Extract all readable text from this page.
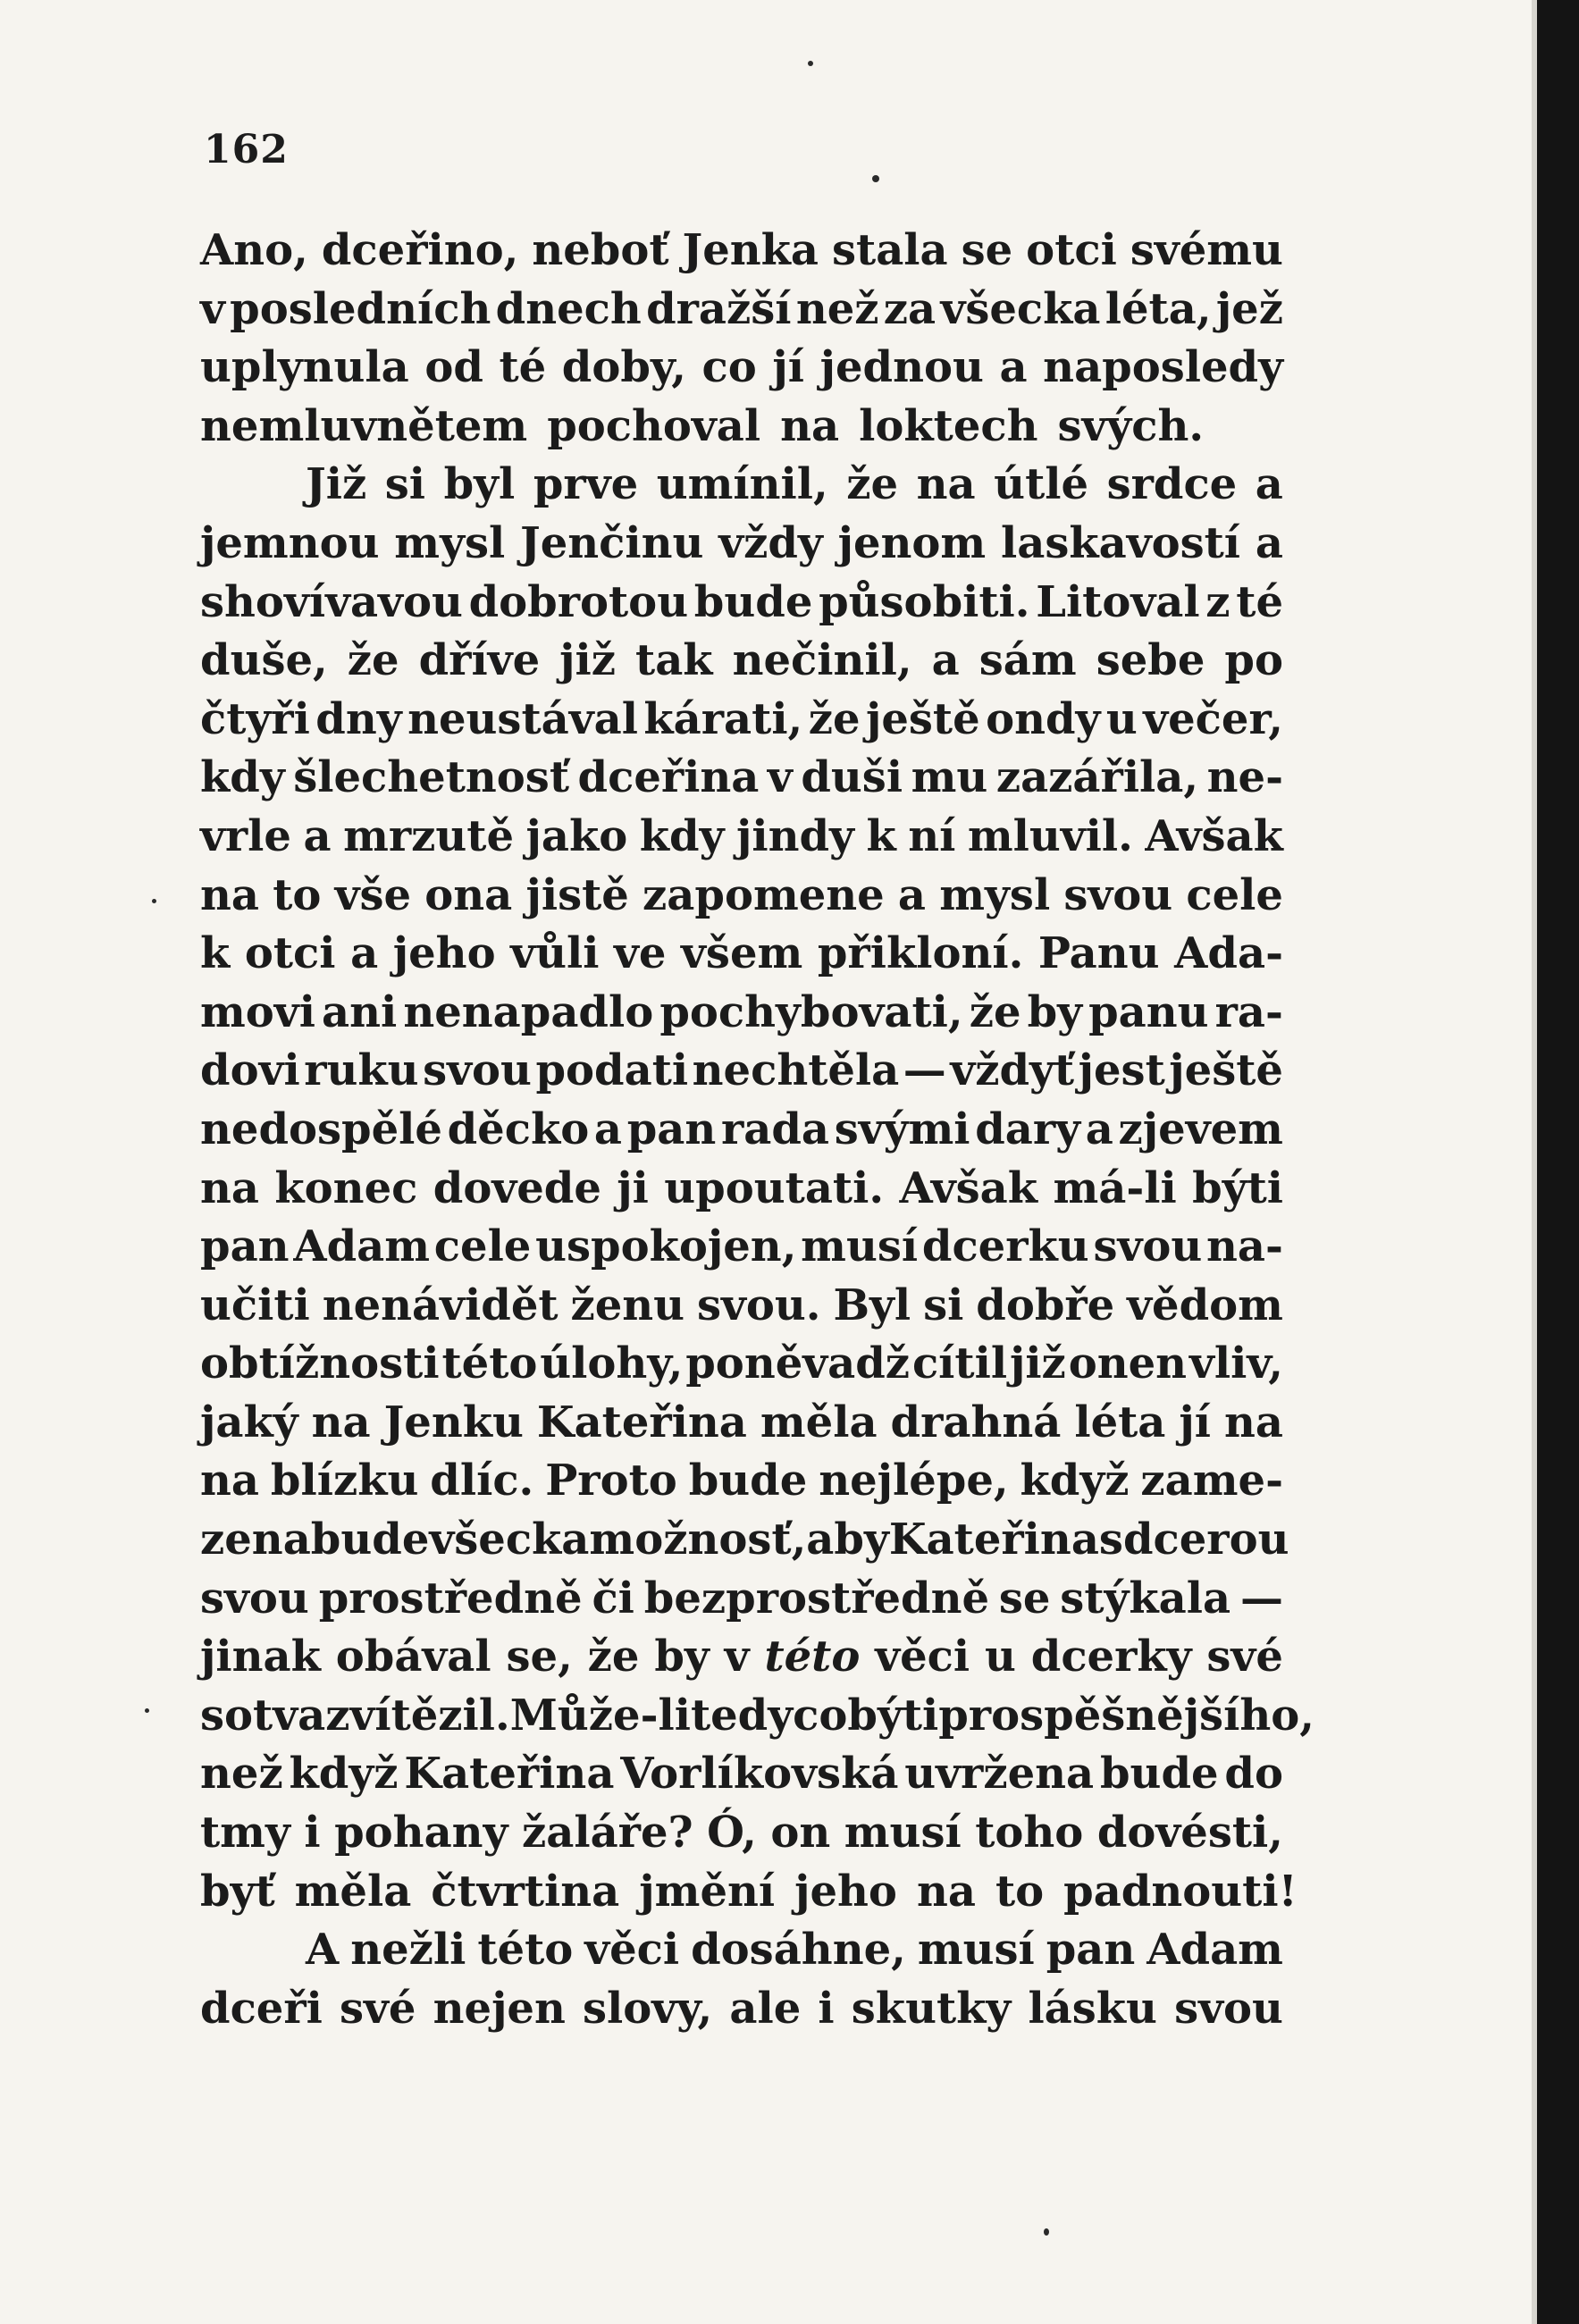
162
Ano, dceřino, neboť Jenka stala se otci svému
v posledních dnech dražší než za všecka léta, jež
uplynula od té doby, co jí jednou a naposledy
nemluvnětem pochoval na loktech svých.
Již si byl prve umínil, že na útlé srdce a
jemnou mysl Jenčinu vždy jenom laskavostí a
shovívavou dobrotou bude působiti. Litoval z té
duše, že dříve již tak nečinil, a sám sebe po
čtyři dny neustával kárati, že ještě ondy u večer,
kdy šlechetnosť dceřina v duši mu zazářila, ne-
vrle a mrzutě jako kdy jindy k ní mluvil. Avšak
na to vše ona jistě zapomene a mysl svou cele
k otci a jeho vůli ve všem přikloní. Panu Ada-
movi ani nenapadlo pochybovati, že by panu ra-
dovi ruku svou podati nechtěla — vždyť jest ještě
nedospělé děcko a pan rada svými dary a zjevem
na konec dovede ji upoutati. Avšak má-li býti
pan Adam cele uspokojen, musí dcerku svou na-
učiti nenávidět ženu svou. Byl si dobře vědom
obtížnosti této úlohy, poněvadž cítil již onen vliv,
jaký na Jenku Kateřina měla drahná léta jí na
na blízku dlíc. Proto bude nejlépe, když zame-
zena bude všecka možnosť, aby Kateřina s dcerou
svou prostředně či bezprostředně se stýkala —
jinak obával se, že by v této věci u dcerky své
sotva zvítězil. Může-li tedy co býti prospěšnějšího,
než když Kateřina Vorlíkovská uvržena bude do
tmy i pohany žaláře? Ó, on musí toho dovésti,
byť měla čtvrtina jmění jeho na to padnouti!
A nežli této věci dosáhne, musí pan Adam
dceři své nejen slovy, ale i skutky lásku svou
